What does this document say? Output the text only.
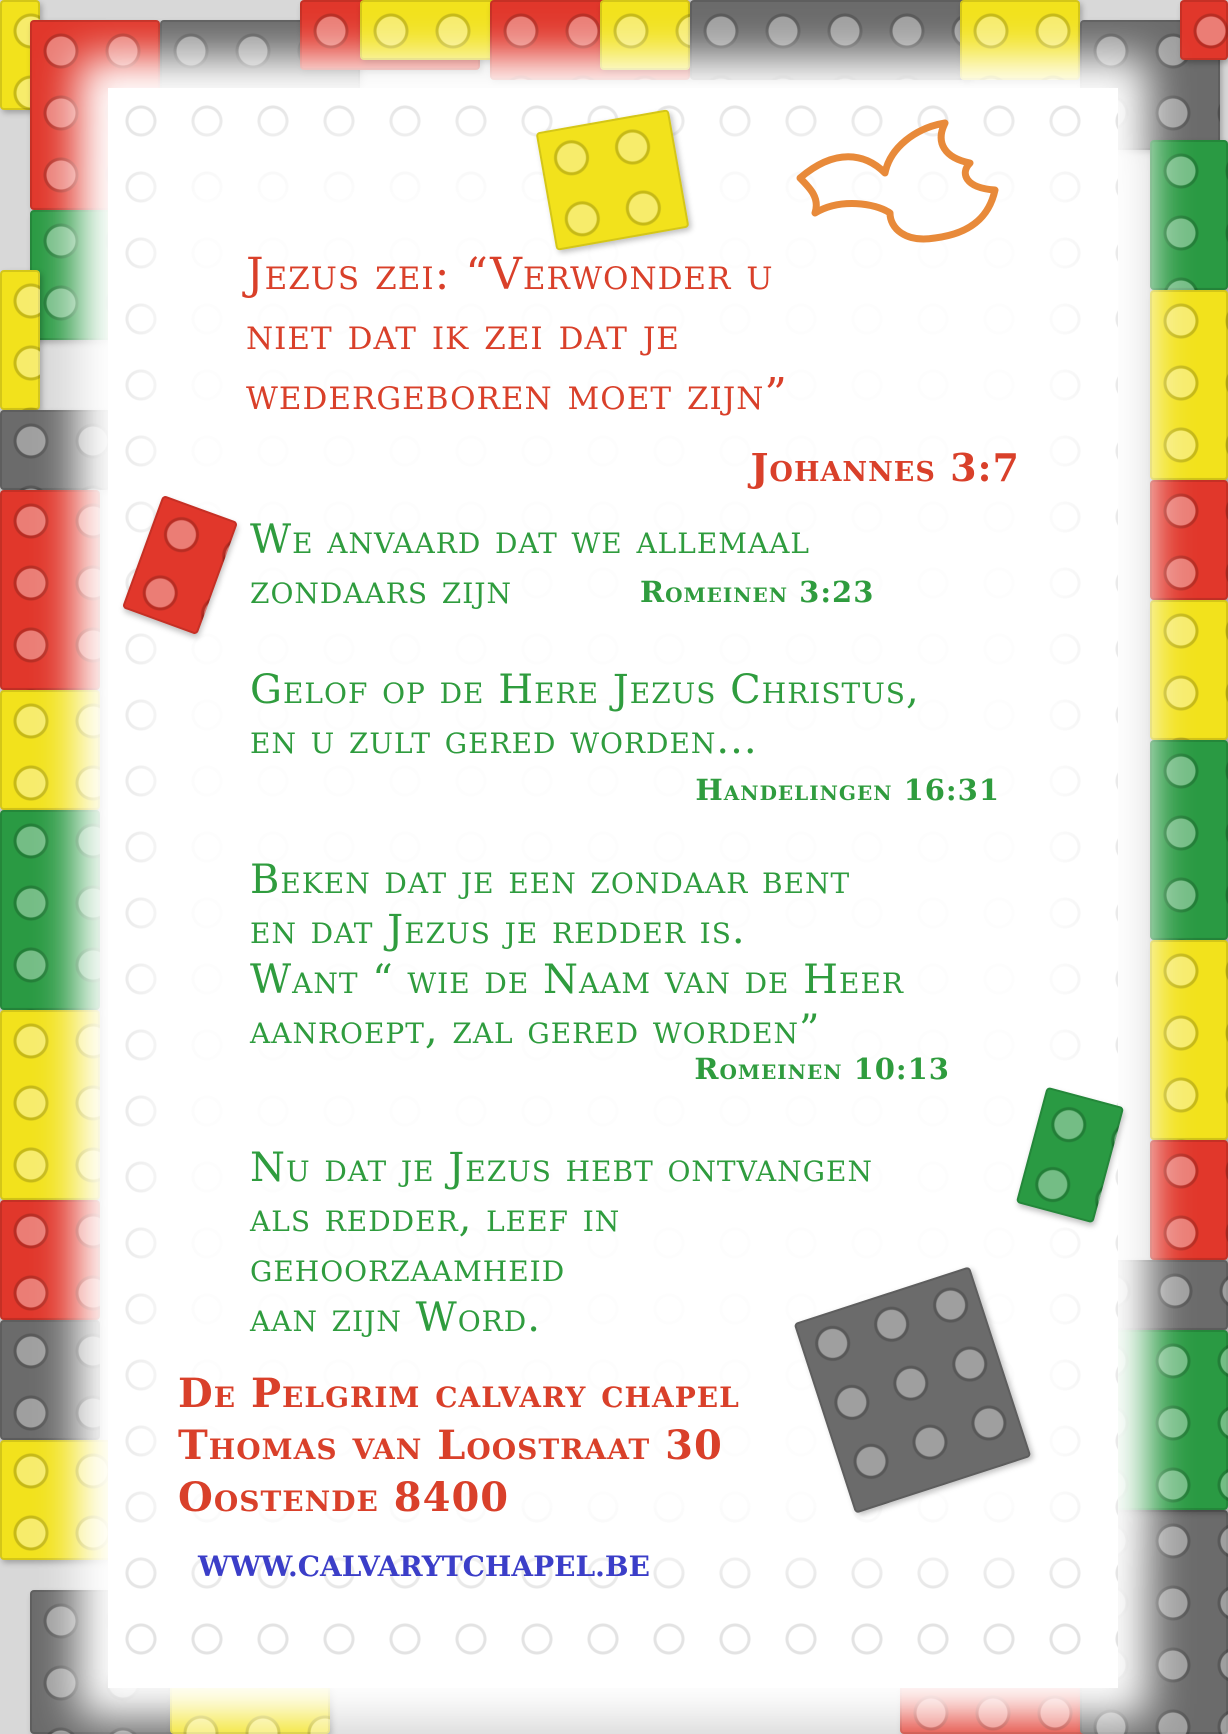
Jezus zei: “Verwonder u
niet dat ik zei dat je
wedergeboren moet zijn”
Johannes 3:7
We anvaard dat we allemaal
zondaars zijn	Romeinen 3:23
Gelof op de Here Jezus Christus,
en u zult gered worden...
Handelingen 16:31
Beken dat je een zondaar bent
en dat Jezus je redder is.
Want “ wie de Naam van de Heer
aanroept, zal gered worden”
Romeinen 10:13
Nu dat je Jezus hebt ontvangen
als redder, leef in
gehoorzaamheid
aan zijn Word.
De Pelgrim calvary chapel
Thomas van Loostraat 30
Oostende 8400
WWW.CALVARYTCHAPEL.BE
